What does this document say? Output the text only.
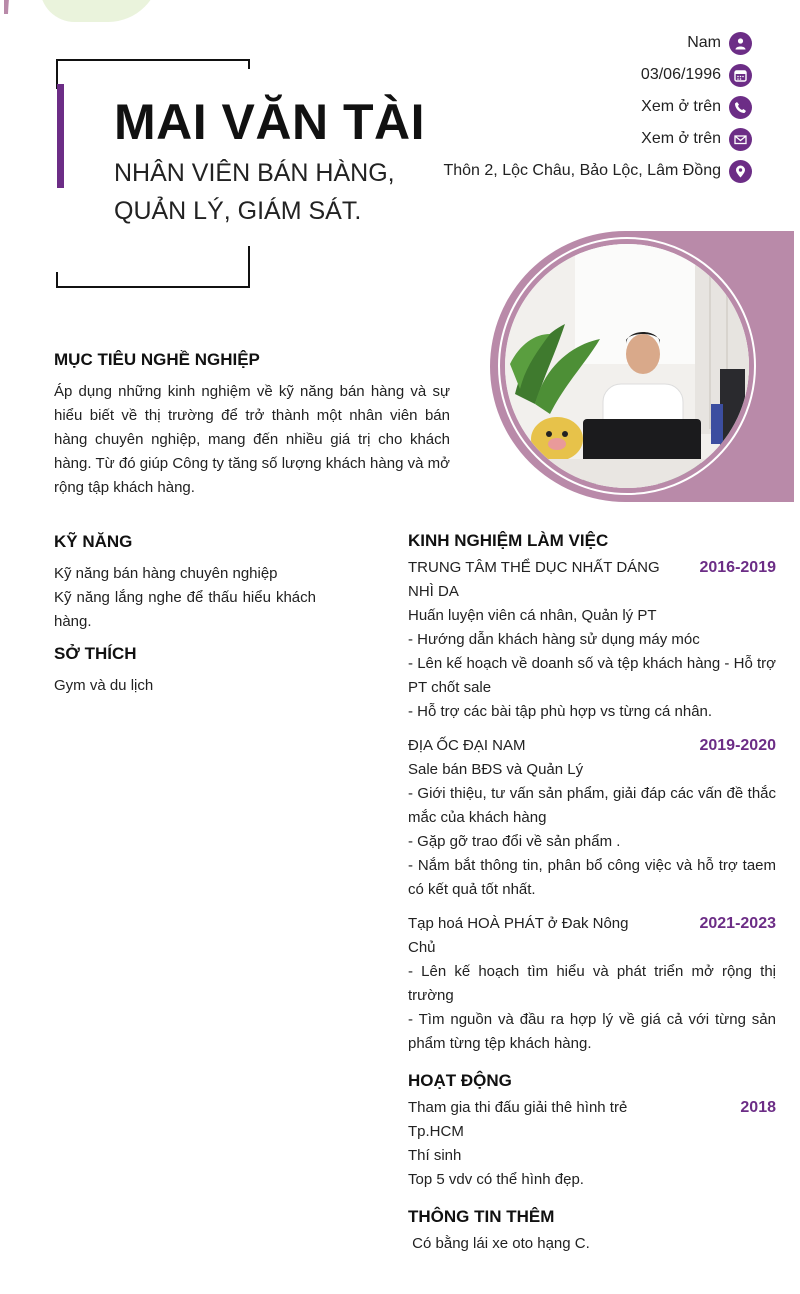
MAI VĂN TÀI
NHÂN VIÊN BÁN HÀNG, QUẢN LÝ, GIÁM SÁT.
Nam
03/06/1996
Xem ở trên
Xem ở trên
Thôn 2, Lộc Châu, Bảo Lộc, Lâm Đồng
MỤC TIÊU NGHỀ NGHIỆP

Áp dụng những kinh nghiệm về kỹ năng bán hàng và sự hiểu biết về thị trường để trở thành một nhân viên bán hàng chuyên nghiệp, mang đến nhiều giá trị cho khách hàng. Từ đó giúp Công ty tăng số lượng khách hàng và mở rộng tập khách hàng.

KỸ NĂNG

Kỹ năng bán hàng chuyên nghiệp

Kỹ năng lắng nghe để thấu hiểu khách hàng.

SỞ THÍCH

Gym và du lịch

KINH NGHIỆM LÀM VIỆC

TRUNG TÂM THỂ DỤC NHẤT DÁNG NHÌ DA

2016-2019

Huấn luyện viên cá nhân, Quản lý PT

- Hướng dẫn khách hàng sử dụng máy móc

- Lên kế hoạch về doanh số và tệp khách hàng - Hỗ trợ PT chốt sale

- Hỗ trợ các bài tập phù hợp vs từng cá nhân.

ĐỊA ỐC ĐẠI NAM	2019-2020

Sale bán BĐS và Quản Lý

- Giới thiệu, tư vấn sản phẩm, giải đáp các vấn đề thắc mắc của khách hàng

- Gặp gỡ trao đổi về sản phẩm .

- Nắm bắt thông tin, phân bổ công việc và hỗ trợ taem có kết quả tốt nhất.

Tạp hoá HOÀ PHÁT ở Đak Nông	2021-2023

Chủ

- Lên kế hoạch tìm hiểu và phát triển mở rộng thị trường

- Tìm nguồn và đầu ra hợp lý về giá cả với từng sản phẩm từng tệp khách hàng.

HOẠT ĐỘNG

Tham gia thi đấu giải thê hình trẻ Tp.HCM

2018

Thí sinh

Top 5 vdv có thể hình đẹp.

THÔNG TIN THÊM

Có bằng lái xe oto hạng C.
